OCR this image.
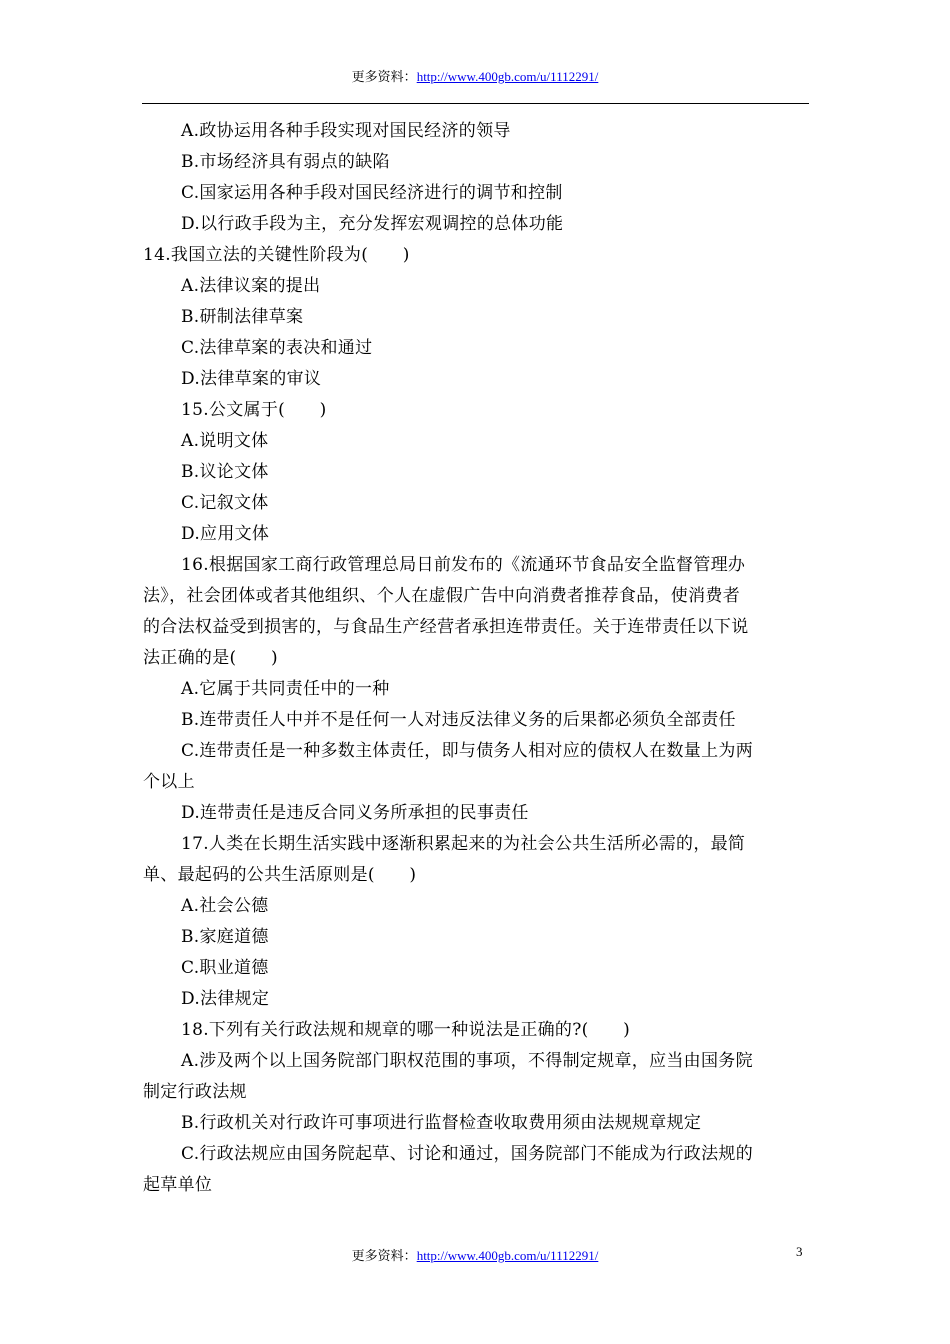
更多资料：http://www.400gb.com/u/1112291/
A.政协运用各种手段实现对国民经济的领导
B.市场经济具有弱点的缺陷
C.国家运用各种手段对国民经济进行的调节和控制
D.以行政手段为主，充分发挥宏观调控的总体功能
14.我国立法的关键性阶段为(　　)
A.法律议案的提出
B.研制法律草案
C.法律草案的表决和通过
D.法律草案的审议
15.公文属于(　　)
A.说明文体
B.议论文体
C.记叙文体
D.应用文体
16.根据国家工商行政管理总局日前发布的《流通环节食品安全监督管理办
法》，社会团体或者其他组织、个人在虚假广告中向消费者推荐食品，使消费者
的合法权益受到损害的，与食品生产经营者承担连带责任。关于连带责任以下说
法正确的是(　　)
A.它属于共同责任中的一种
B.连带责任人中并不是任何一人对违反法律义务的后果都必须负全部责任
C.连带责任是一种多数主体责任，即与债务人相对应的债权人在数量上为两
个以上
D.连带责任是违反合同义务所承担的民事责任
17.人类在长期生活实践中逐渐积累起来的为社会公共生活所必需的，最简
单、最起码的公共生活原则是(　　)
A.社会公德
B.家庭道德
C.职业道德
D.法律规定
18.下列有关行政法规和规章的哪一种说法是正确的?(　　)
A.涉及两个以上国务院部门职权范围的事项，不得制定规章，应当由国务院
制定行政法规
B.行政机关对行政许可事项进行监督检查收取费用须由法规规章规定
C.行政法规应由国务院起草、讨论和通过，国务院部门不能成为行政法规的
起草单位
更多资料：http://www.400gb.com/u/1112291/	3
